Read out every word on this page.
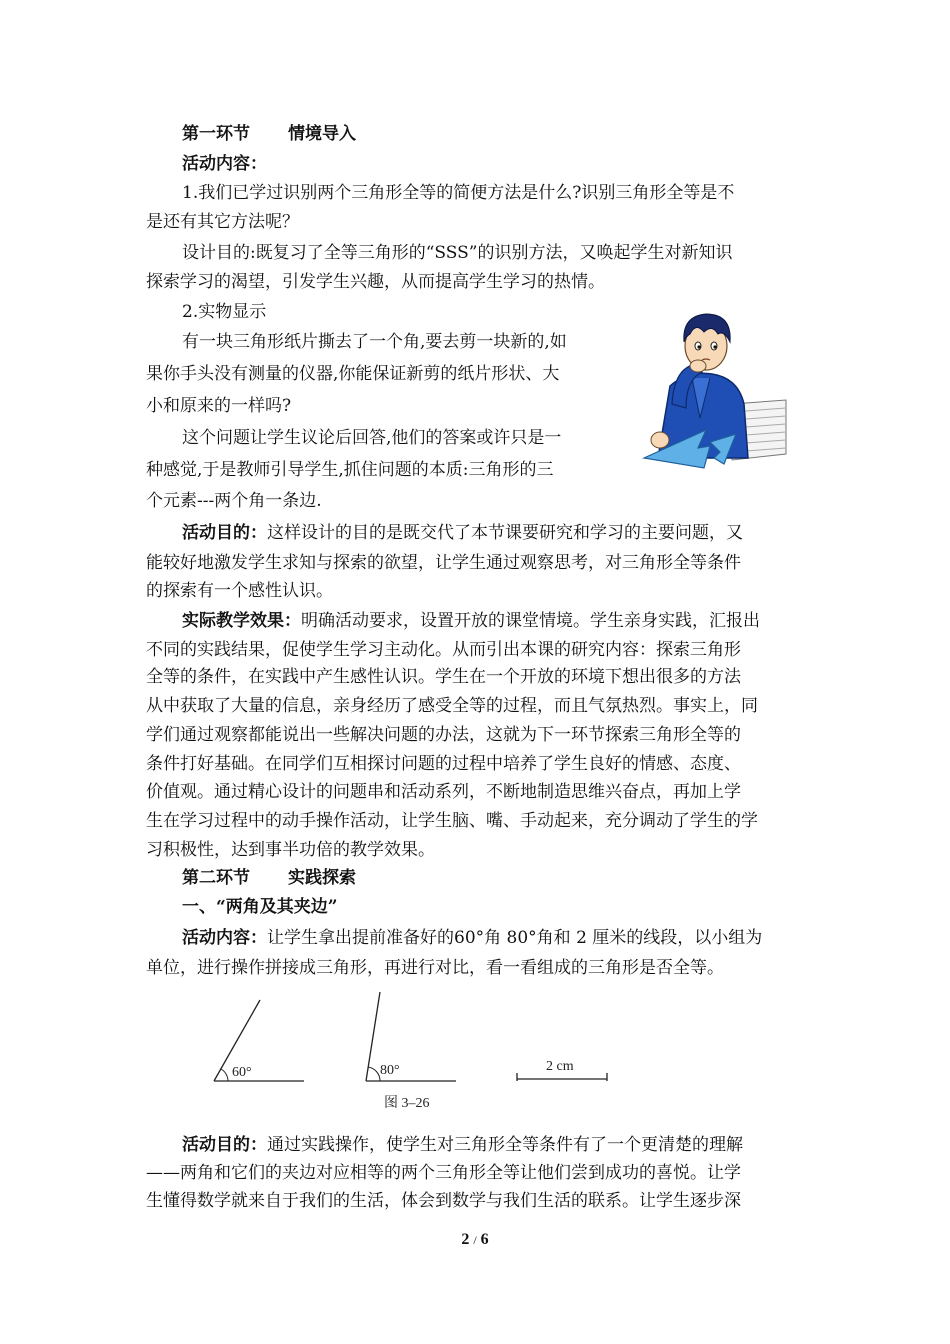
第一环节 情境导入
活动内容：
1.我们已学过识别两个三角形全等的简便方法是什么?识别三角形全等是不
是还有其它方法呢？
设计目的:既复习了全等三角形的“SSS”的识别方法，又唤起学生对新知识
探索学习的渴望，引发学生兴趣，从而提高学生学习的热情。
2.实物显示
有一块三角形纸片撕去了一个角,要去剪一块新的,如
果你手头没有测量的仪器,你能保证新剪的纸片形状、大
小和原来的一样吗?
这个问题让学生议论后回答,他们的答案或许只是一
种感觉,于是教师引导学生,抓住问题的本质:三角形的三
个元素---两个角一条边.
活动目的：这样设计的目的是既交代了本节课要研究和学习的主要问题，又
能较好地激发学生求知与探索的欲望，让学生通过观察思考，对三角形全等条件
的探索有一个感性认识。
实际教学效果：明确活动要求，设置开放的课堂情境。学生亲身实践，汇报出
不同的实践结果，促使学生学习主动化。从而引出本课的研究内容：探索三角形
全等的条件，在实践中产生感性认识。学生在一个开放的环境下想出很多的方法
从中获取了大量的信息，亲身经历了感受全等的过程，而且气氛热烈。事实上，同
学们通过观察都能说出一些解决问题的办法，这就为下一环节探索三角形全等的
条件打好基础。在同学们互相探讨问题的过程中培养了学生良好的情感、态度、
价值观。通过精心设计的问题串和活动系列，不断地制造思维兴奋点，再加上学
生在学习过程中的动手操作活动，让学生脑、嘴、手动起来，充分调动了学生的学
习积极性，达到事半功倍的教学效果。
第二环节 实践探索
一、“两角及其夹边”
活动内容：让学生拿出提前准备好的60°角 80°角和 2 厘米的线段，以小组为
单位，进行操作拼接成三角形，再进行对比，看一看组成的三角形是否全等。
60°	80°	2 cm
图 3–26
活动目的：通过实践操作，使学生对三角形全等条件有了一个更清楚的理解
——两角和它们的夹边对应相等的两个三角形全等让他们尝到成功的喜悦。让学
生懂得数学就来自于我们的生活，体会到数学与我们生活的联系。让学生逐步深
2 / 6
